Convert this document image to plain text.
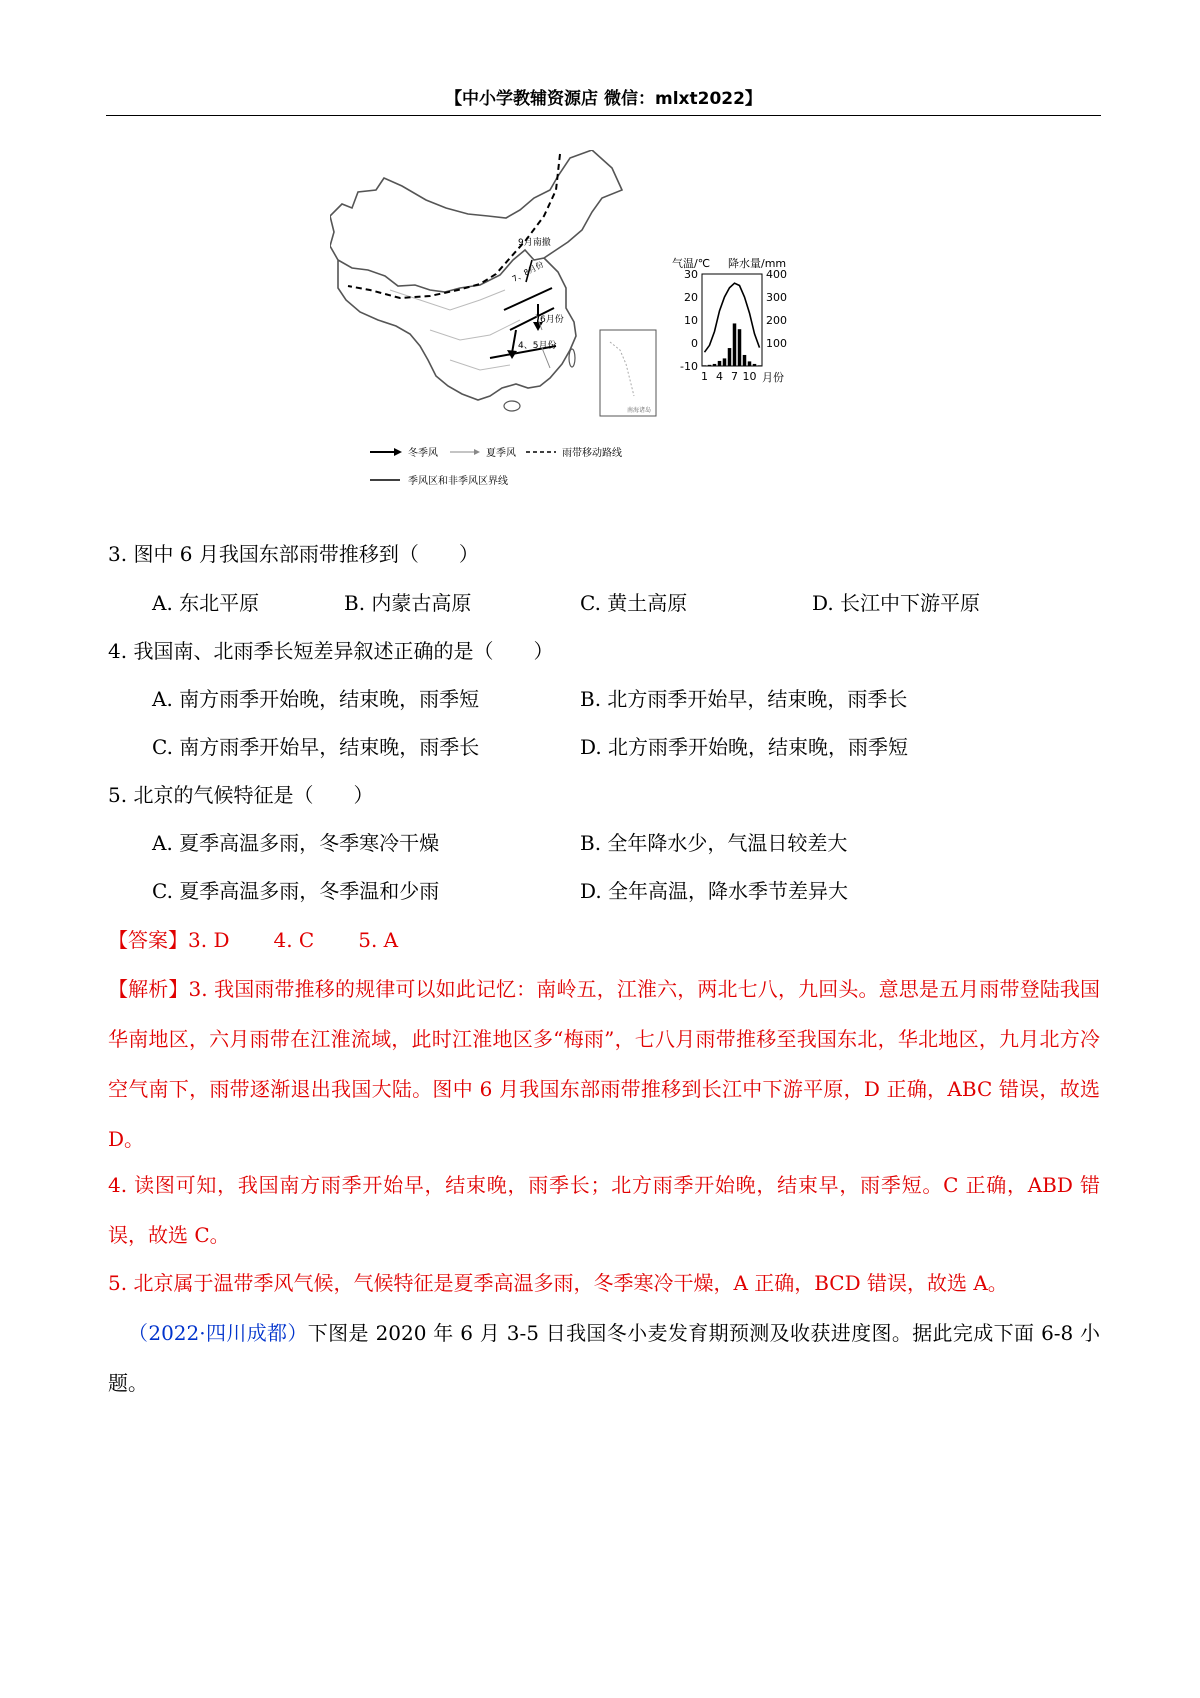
【中小学教辅资源店 微信：mlxt2022】
9月南撤
7、8月份
6月份
4、5月份
南海诸岛
冬季风	夏季风	雨带移动路线
季风区和非季风区界线
气温/℃ 降水量/mm
30
20
10
0
-10
400
300
200
100
1 4 7 10 月份
3. 图中 6 月我国东部雨带推移到（　　）
A. 东北平原	B. 内蒙古高原	C. 黄土高原	D. 长江中下游平原
4. 我国南、北雨季长短差异叙述正确的是（　　）
A. 南方雨季开始晚，结束晚，雨季短	B. 北方雨季开始早，结束晚，雨季长
C. 南方雨季开始早，结束晚，雨季长	D. 北方雨季开始晚，结束晚，雨季短
5. 北京的气候特征是（　　）
A. 夏季高温多雨，冬季寒冷干燥	B. 全年降水少，气温日较差大
C. 夏季高温多雨，冬季温和少雨	D. 全年高温，降水季节差异大
【答案】3. D 4. C 5. A
【解析】3. 我国雨带推移的规律可以如此记忆：南岭五，江淮六，两北七八，九回头。意思是五月雨带登陆我国华南地区，六月雨带在江淮流域，此时江淮地区多“梅雨”，七八月雨带推移至我国东北，华北地区，九月北方冷空气南下，雨带逐渐退出我国大陆。图中 6 月我国东部雨带推移到长江中下游平原，D 正确，ABC 错误，故选 D。
4. 读图可知，我国南方雨季开始早，结束晚，雨季长；北方雨季开始晚，结束早，雨季短。C 正确，ABD 错误，故选 C。
5. 北京属于温带季风气候，气候特征是夏季高温多雨，冬季寒冷干燥，A 正确，BCD 错误，故选 A。
（2022·四川成都）下图是 2020 年 6 月 3-5 日我国冬小麦发育期预测及收获进度图。据此完成下面 6-8 小题。
